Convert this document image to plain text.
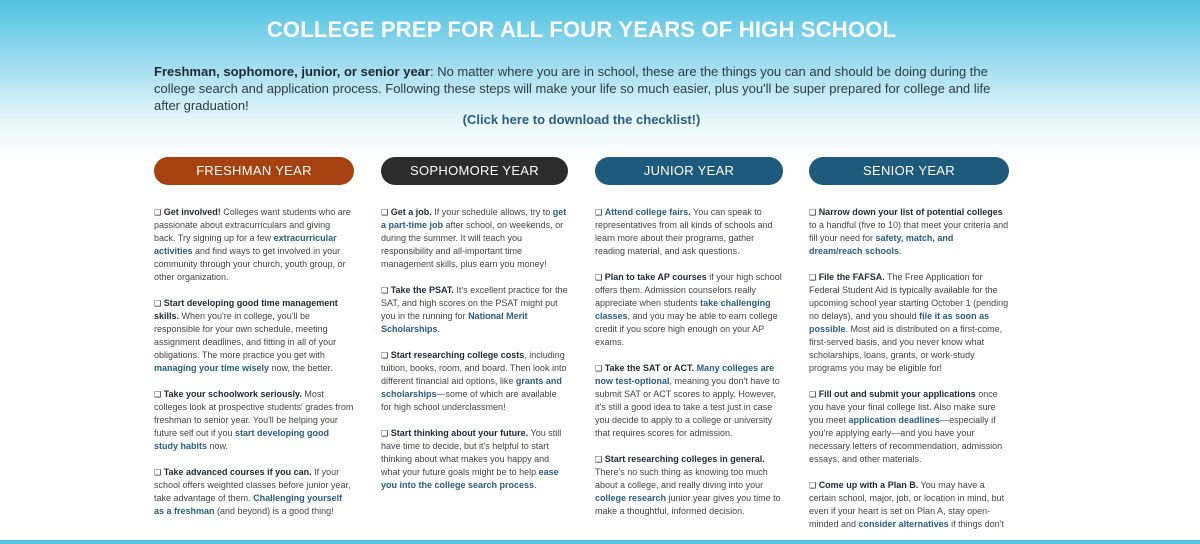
COLLEGE PREP FOR ALL FOUR YEARS OF HIGH SCHOOL
Freshman, sophomore, junior, or senior year: No matter where you are in school, these are the things you can and should be doing during the college search and application process. Following these steps will make your life so much easier, plus you'll be super prepared for college and life after graduation!
(Click here to download the checklist!)
FRESHMAN YEAR
❑ Get involved! Colleges want students who are passionate about extracurriculars and giving back. Try signing up for a few extracurricular activities and find ways to get involved in your community through your church, youth group, or other organization.
❑ Start developing good time management skills. When you're in college, you'll be responsible for your own schedule, meeting assignment deadlines, and fitting in all of your obligations. The more practice you get with managing your time wisely now, the better.
❑ Take your schoolwork seriously. Most colleges look at prospective students' grades from freshman to senior year. You'll be helping your future self out if you start developing good study habits now.
❑ Take advanced courses if you can. If your school offers weighted classes before junior year, take advantage of them. Challenging yourself as a freshman (and beyond) is a good thing!
SOPHOMORE YEAR
❑ Get a job. If your schedule allows, try to get a part-time job after school, on weekends, or during the summer. It will teach you responsibility and all-important time management skills, plus earn you money!
❑ Take the PSAT. It's excellent practice for the SAT, and high scores on the PSAT might put you in the running for National Merit Scholarships.
❑ Start researching college costs, including tuition, books, room, and board. Then look into different financial aid options, like grants and scholarships—some of which are available for high school underclassmen!
❑ Start thinking about your future. You still have time to decide, but it's helpful to start thinking about what makes you happy and what your future goals might be to help ease you into the college search process.
JUNIOR YEAR
❑ Attend college fairs. You can speak to representatives from all kinds of schools and learn more about their programs, gather reading material, and ask questions.
❑ Plan to take AP courses if your high school offers them. Admission counselors really appreciate when students take challenging classes, and you may be able to earn college credit if you score high enough on your AP exams.
❑ Take the SAT or ACT. Many colleges are now test-optional, meaning you don't have to submit SAT or ACT scores to apply. However, it's still a good idea to take a test just in case you decide to apply to a college or university that requires scores for admission.
❑ Start researching colleges in general. There's no such thing as knowing too much about a college, and really diving into your college research junior year gives you time to make a thoughtful, informed decision.
SENIOR YEAR
❑ Narrow down your list of potential colleges to a handful (five to 10) that meet your criteria and fill your need for safety, match, and dream/reach schools.
❑ File the FAFSA. The Free Application for Federal Student Aid is typically available for the upcoming school year starting October 1 (pending no delays), and you should file it as soon as possible. Most aid is distributed on a first-come, first-served basis, and you never know what scholarships, loans, grants, or work-study programs you may be eligible for!
❑ Fill out and submit your applications once you have your final college list. Also make sure you meet application deadlines—especially if you're applying early—and you have your necessary letters of recommendation, admission essays, and other materials.
❑ Come up with a Plan B. You may have a certain school, major, job, or location in mind, but even if your heart is set on Plan A, stay open-minded and consider alternatives if things don't
